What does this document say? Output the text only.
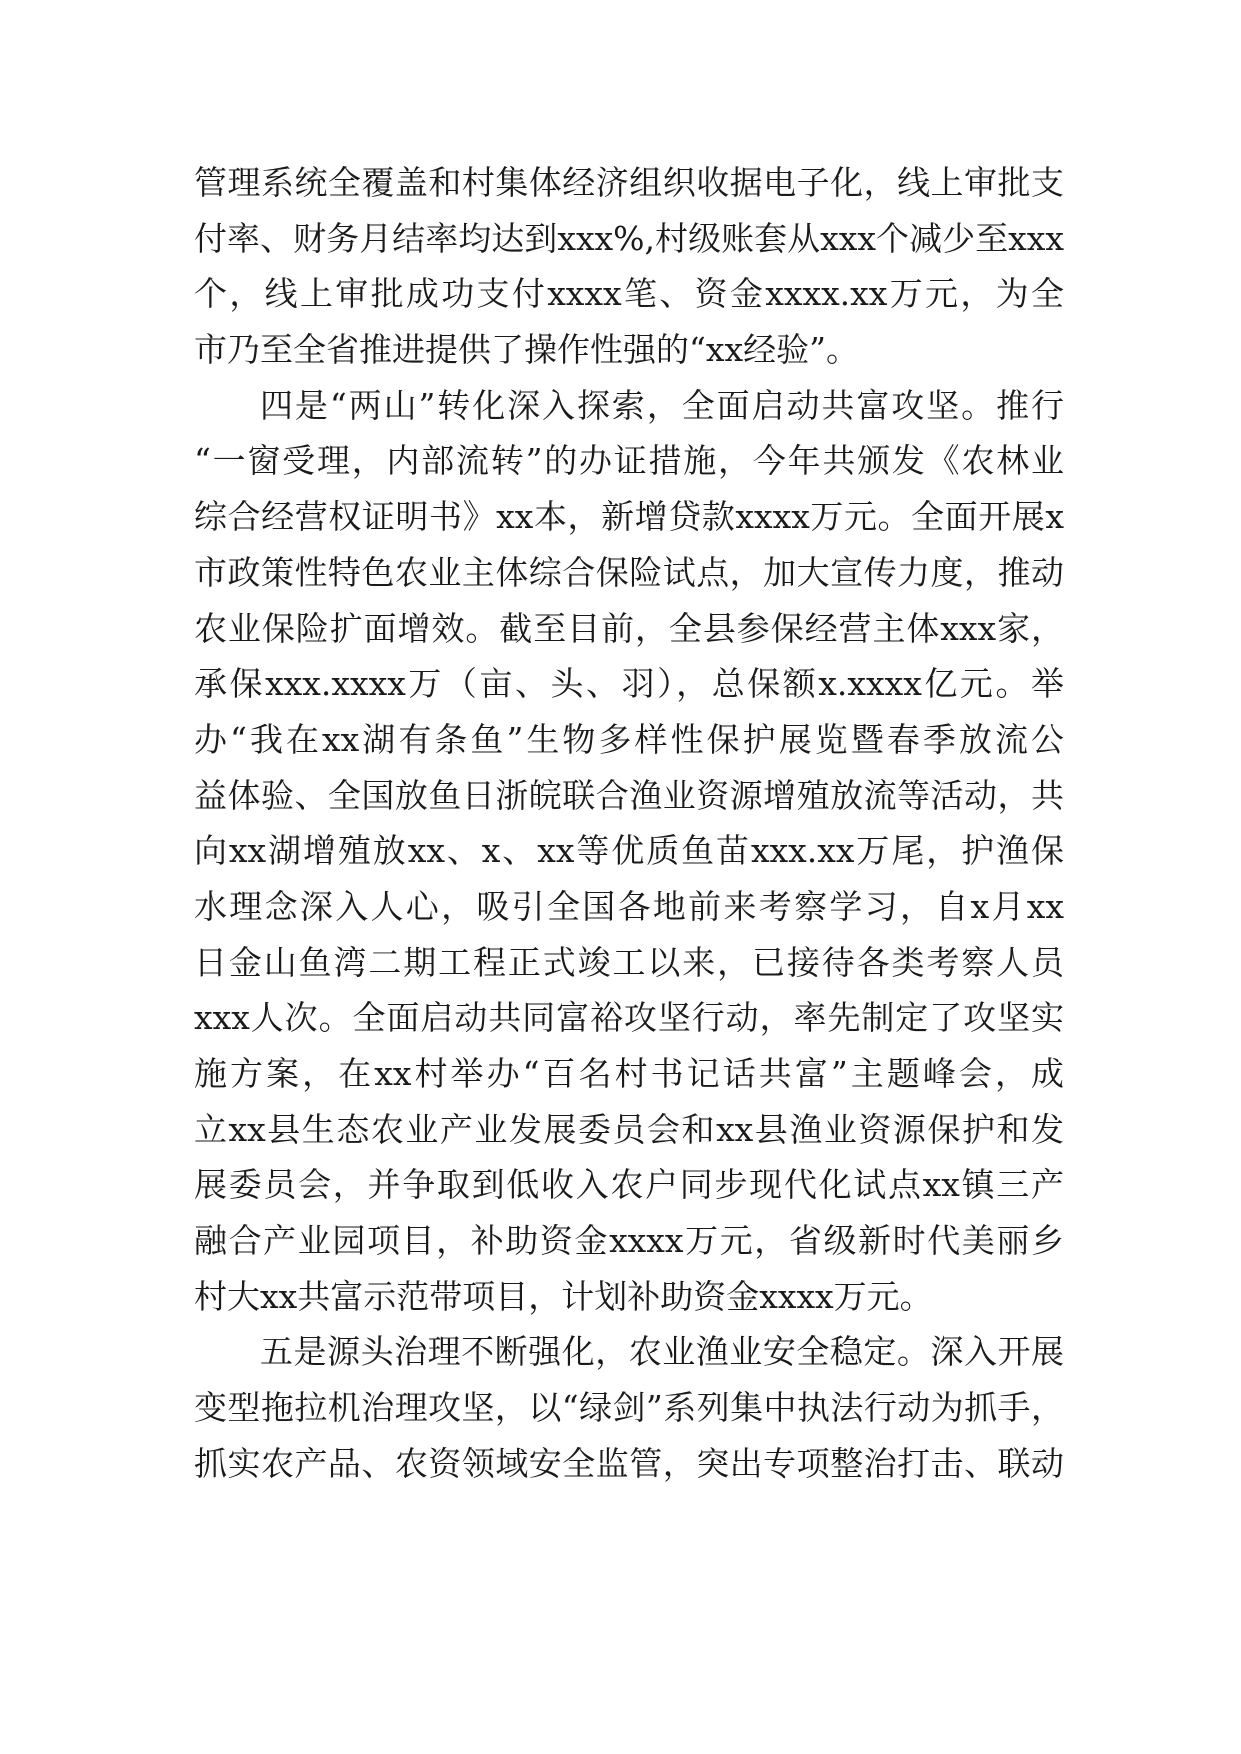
管理系统全覆盖和村集体经济组织收据电子化，线上审批支
付率、财务月结率均达到xxx%,村级账套从xxx个减少至xxx
个，线上审批成功支付xxxx笔、资金xxxx.xx万元，为全
市乃至全省推进提供了操作性强的“xx经验”。
四是“两山”转化深入探索，全面启动共富攻坚。推行
“一窗受理，内部流转”的办证措施，今年共颁发《农林业
综合经营权证明书》xx本，新增贷款xxxx万元。全面开展x
市政策性特色农业主体综合保险试点，加大宣传力度，推动
农业保险扩面增效。截至目前，全县参保经营主体xxx家，
承保xxx.xxxx万（亩、头、羽），总保额x.xxxx亿元。举
办“我在xx湖有条鱼”生物多样性保护展览暨春季放流公
益体验、全国放鱼日浙皖联合渔业资源增殖放流等活动，共
向xx湖增殖放xx、x、xx等优质鱼苗xxx.xx万尾，护渔保
水理念深入人心，吸引全国各地前来考察学习，自x月xx
日金山鱼湾二期工程正式竣工以来，已接待各类考察人员
xxx人次。全面启动共同富裕攻坚行动，率先制定了攻坚实
施方案，在xx村举办“百名村书记话共富”主题峰会，成
立xx县生态农业产业发展委员会和xx县渔业资源保护和发
展委员会，并争取到低收入农户同步现代化试点xx镇三产
融合产业园项目，补助资金xxxx万元，省级新时代美丽乡
村大xx共富示范带项目，计划补助资金xxxx万元。
五是源头治理不断强化，农业渔业安全稳定。深入开展
变型拖拉机治理攻坚，以“绿剑”系列集中执法行动为抓手，
抓实农产品、农资领域安全监管，突出专项整治打击、联动
